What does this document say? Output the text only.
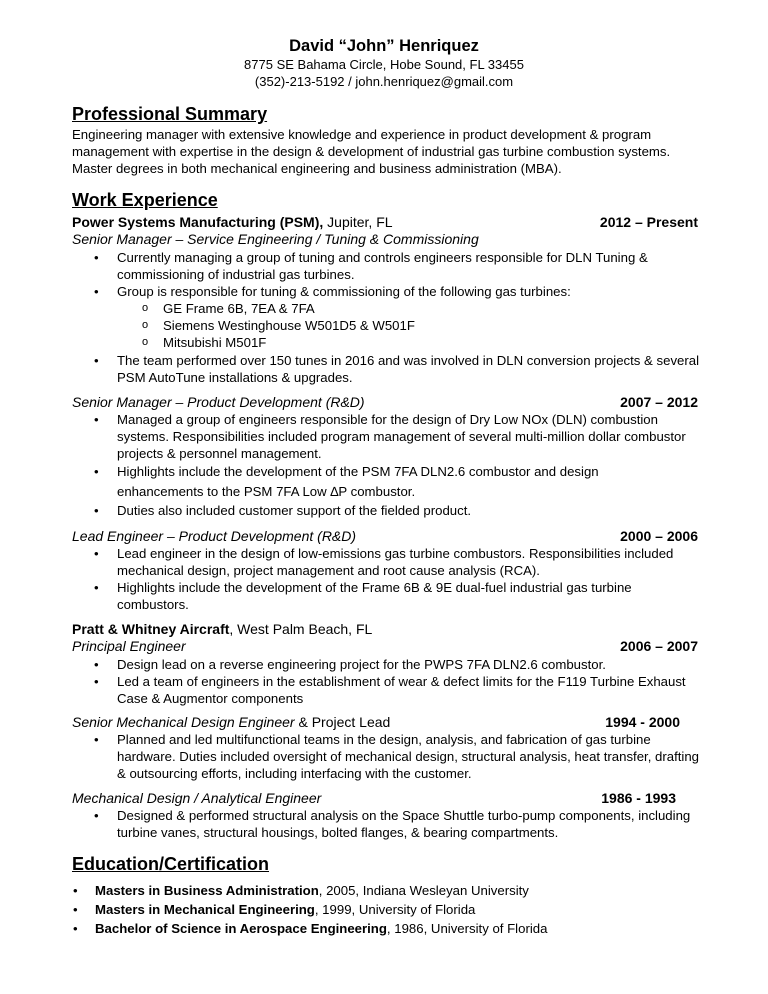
David “John” Henriquez
8775 SE Bahama Circle, Hobe Sound, FL 33455
(352)-213-5192 / john.henriquez@gmail.com
Professional Summary
Engineering manager with extensive knowledge and experience in product development & program management with expertise in the design & development of industrial gas turbine combustion systems. Master degrees in both mechanical engineering and business administration (MBA).
Work Experience
Power Systems Manufacturing (PSM), Jupiter, FL	2012 – Present
Senior Manager – Service Engineering / Tuning & Commissioning
• Currently managing a group of tuning and controls engineers responsible for DLN Tuning & commissioning of industrial gas turbines.
• Group is responsible for tuning & commissioning of the following gas turbines:
o GE Frame 6B, 7EA & 7FA
o Siemens Westinghouse W501D5 & W501F
o Mitsubishi M501F
• The team performed over 150 tunes in 2016 and was involved in DLN conversion projects & several PSM AutoTune installations & upgrades.
Senior Manager – Product Development (R&D)	2007 – 2012
• Managed a group of engineers responsible for the design of Dry Low NOx (DLN) combustion systems. Responsibilities included program management of several multi-million dollar combustor projects & personnel management.
• Highlights include the development of the PSM 7FA DLN2.6 combustor and design
enhancements to the PSM 7FA Low ∆P combustor.
• Duties also included customer support of the fielded product.
Lead Engineer – Product Development (R&D)	2000 – 2006
• Lead engineer in the design of low-emissions gas turbine combustors. Responsibilities included mechanical design, project management and root cause analysis (RCA).
• Highlights include the development of the Frame 6B & 9E dual-fuel industrial gas turbine combustors.
Pratt & Whitney Aircraft, West Palm Beach, FL
Principal Engineer	2006 – 2007
• Design lead on a reverse engineering project for the PWPS 7FA DLN2.6 combustor.
• Led a team of engineers in the establishment of wear & defect limits for the F119 Turbine Exhaust Case & Augmentor components
Senior Mechanical Design Engineer & Project Lead	1994 - 2000
• Planned and led multifunctional teams in the design, analysis, and fabrication of gas turbine hardware. Duties included oversight of mechanical design, structural analysis, heat transfer, drafting & outsourcing efforts, including interfacing with the customer.
Mechanical Design / Analytical Engineer	1986 - 1993
• Designed & performed structural analysis on the Space Shuttle turbo-pump components, including turbine vanes, structural housings, bolted flanges, & bearing compartments.
Education/Certification
• Masters in Business Administration, 2005, Indiana Wesleyan University
• Masters in Mechanical Engineering, 1999, University of Florida
• Bachelor of Science in Aerospace Engineering, 1986, University of Florida
